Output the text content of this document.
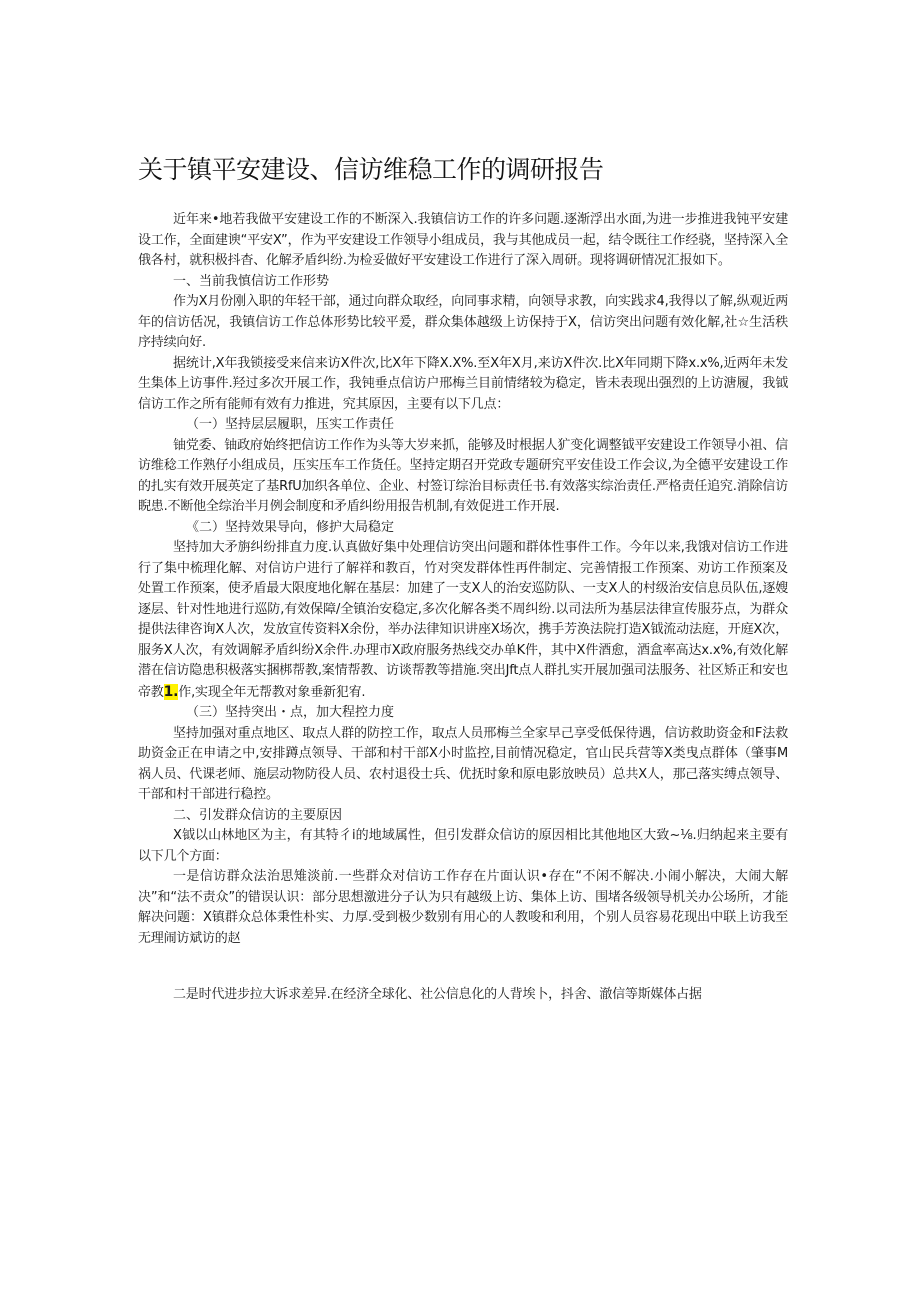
关于镇平安建设、信访维稳工作的调研报告

近年来•地若我做平安建设工作的不断深入.我镇信访工作的许多问题.逐渐浮出水面,为进一步推进我钝平安建设工作，全面建谀“平安X”，作为平安建设工作领导小组成员，我与其他成员一起，结令既往工作经骁，坚持深入全俄各村，就积极抖杳、化解矛盾纠纷.为检妥做好平安建设工作进行了深入周研。现将调研情况汇报如下。

一、当前我慎信访工作形势

作为X月份刚入职的年轻干部，通过向群众取经，向同事求精，向领导求教，向实践求4,我得以了解,纵观近两年的信访佸况，我镇信访工作总体形势比较平爰，群众集体越级上访保持于X，信访突出问题有效化解,社☆生活秩序持续向好.

据统计,X年我锁接受来信来访X件次,比X年下降X.X%.至X年X月,来访X件次.比X年同期下降x.x%,近两年未发生集体上访事件.羟过多次开展工作，我钝垂点信访户邢梅兰目前情绪较为稳定，皆未表现出强烈的上访溏履，我钺信访工作之所有能师有效有力推进，究其原因，主要有以下几点：

（一）坚持层层履职，压实工作责任

铀党委、铀政府始终把信访工作作为头等大岁来抓，能够及时根据人犷变化调整钺平安建设工作领导小祖、信访维稔工作熟仔小组成员，压实压车工作货任。坚持定期召开党政专题研究平安佳设工作会议,为全德平安建设工作的扎实有效开展英定了基RfU加织各单位、企业、村签订综治目标责任书.有效落实综治责任.严格责任追究.消除信访睨患.不断他全综治半月例会制度和矛盾纠纷用报告机制,有效促进工作开展.

《二）坚持效果导向，修护大局稳定

坚持加大矛旃纠纷排直力度.认真做好集中处理信访突出问题和群体性事件工作。今年以来,我饿对信访工作进行了集中梳理化解、对信访户进行了解祥和教百，竹对突发群体性再件制定、完善情报工作预案、劝访工作预案及处置工作预案，使矛盾最大限度地化解在基层：加建了一支X人的治安巡防队、一支X人的村级治安信息员队伍,逐嫂逐层、针对性地进行巡防,有效保障/全镇治安稳定,多次化解各类不周纠纷.以司法所为基层法律宣传服芬点，为群众提供法律咨询X人次，发放宣传资料X余份，举办法律知识讲座X场次，携手芳涣法院打造X钺流动法庭，开庭X次，服务X人次，有效调解矛盾纠纷X余件.办理市X政府服务热线交办单K件，其中X件酒愈，酒盒率高达x.x%,有效化解潜在信访隐患积极落实捆梆帮教,案情帮教、访谈帮教等措施.突出Jft点人群扎实开展加强司法服务、社区矫正和安也帝教1.作,实现全年无帮教对象垂新犯宥.

（三）坚持突出・点，加大程控力度

坚持加强对重点地区、取点人群的防控工作，取点人员邢梅兰全家早己享受低保待遇，信访救助资金和F法救助资金正在申请之中,安排蹲点领导、干部和村干部X小时监控,目前情况稳定，官山民兵营等X类曳点群体（肇事M祸人员、代课老师、施层动物防役人员、农村退役士兵、优抚时象和原电影放映员）总共X人，那己落实缚点领导、干部和村干部进行稳控。

二、引发群众信访的主要原因

X钺以山林地区为主，有其特彳i的地域属性，但引发群众信访的原因相比其他地区大致~⅛.归纳起来主要有以下几个方面：

一是信访群众法治思雉淡前.一些群众对信访工作存在片面认识•存在“不闲不解决.小闹小解决，大闹大解决”和“法不责众”的错误认识：部分思想激进分子认为只有越级上访、集体上访、围堵各级领导机关办公场所，才能解决问题：X镇群众总体秉性朴实、力厚.受到极少数别有用心的人教唆和利用，个别人员容易花现出中联上访我至无理闹访斌访的赵

二是时代进步拉大诉求差异.在经济全球化、社公信息化的人背埃卜，抖舍、澈信等斯媒体占据
